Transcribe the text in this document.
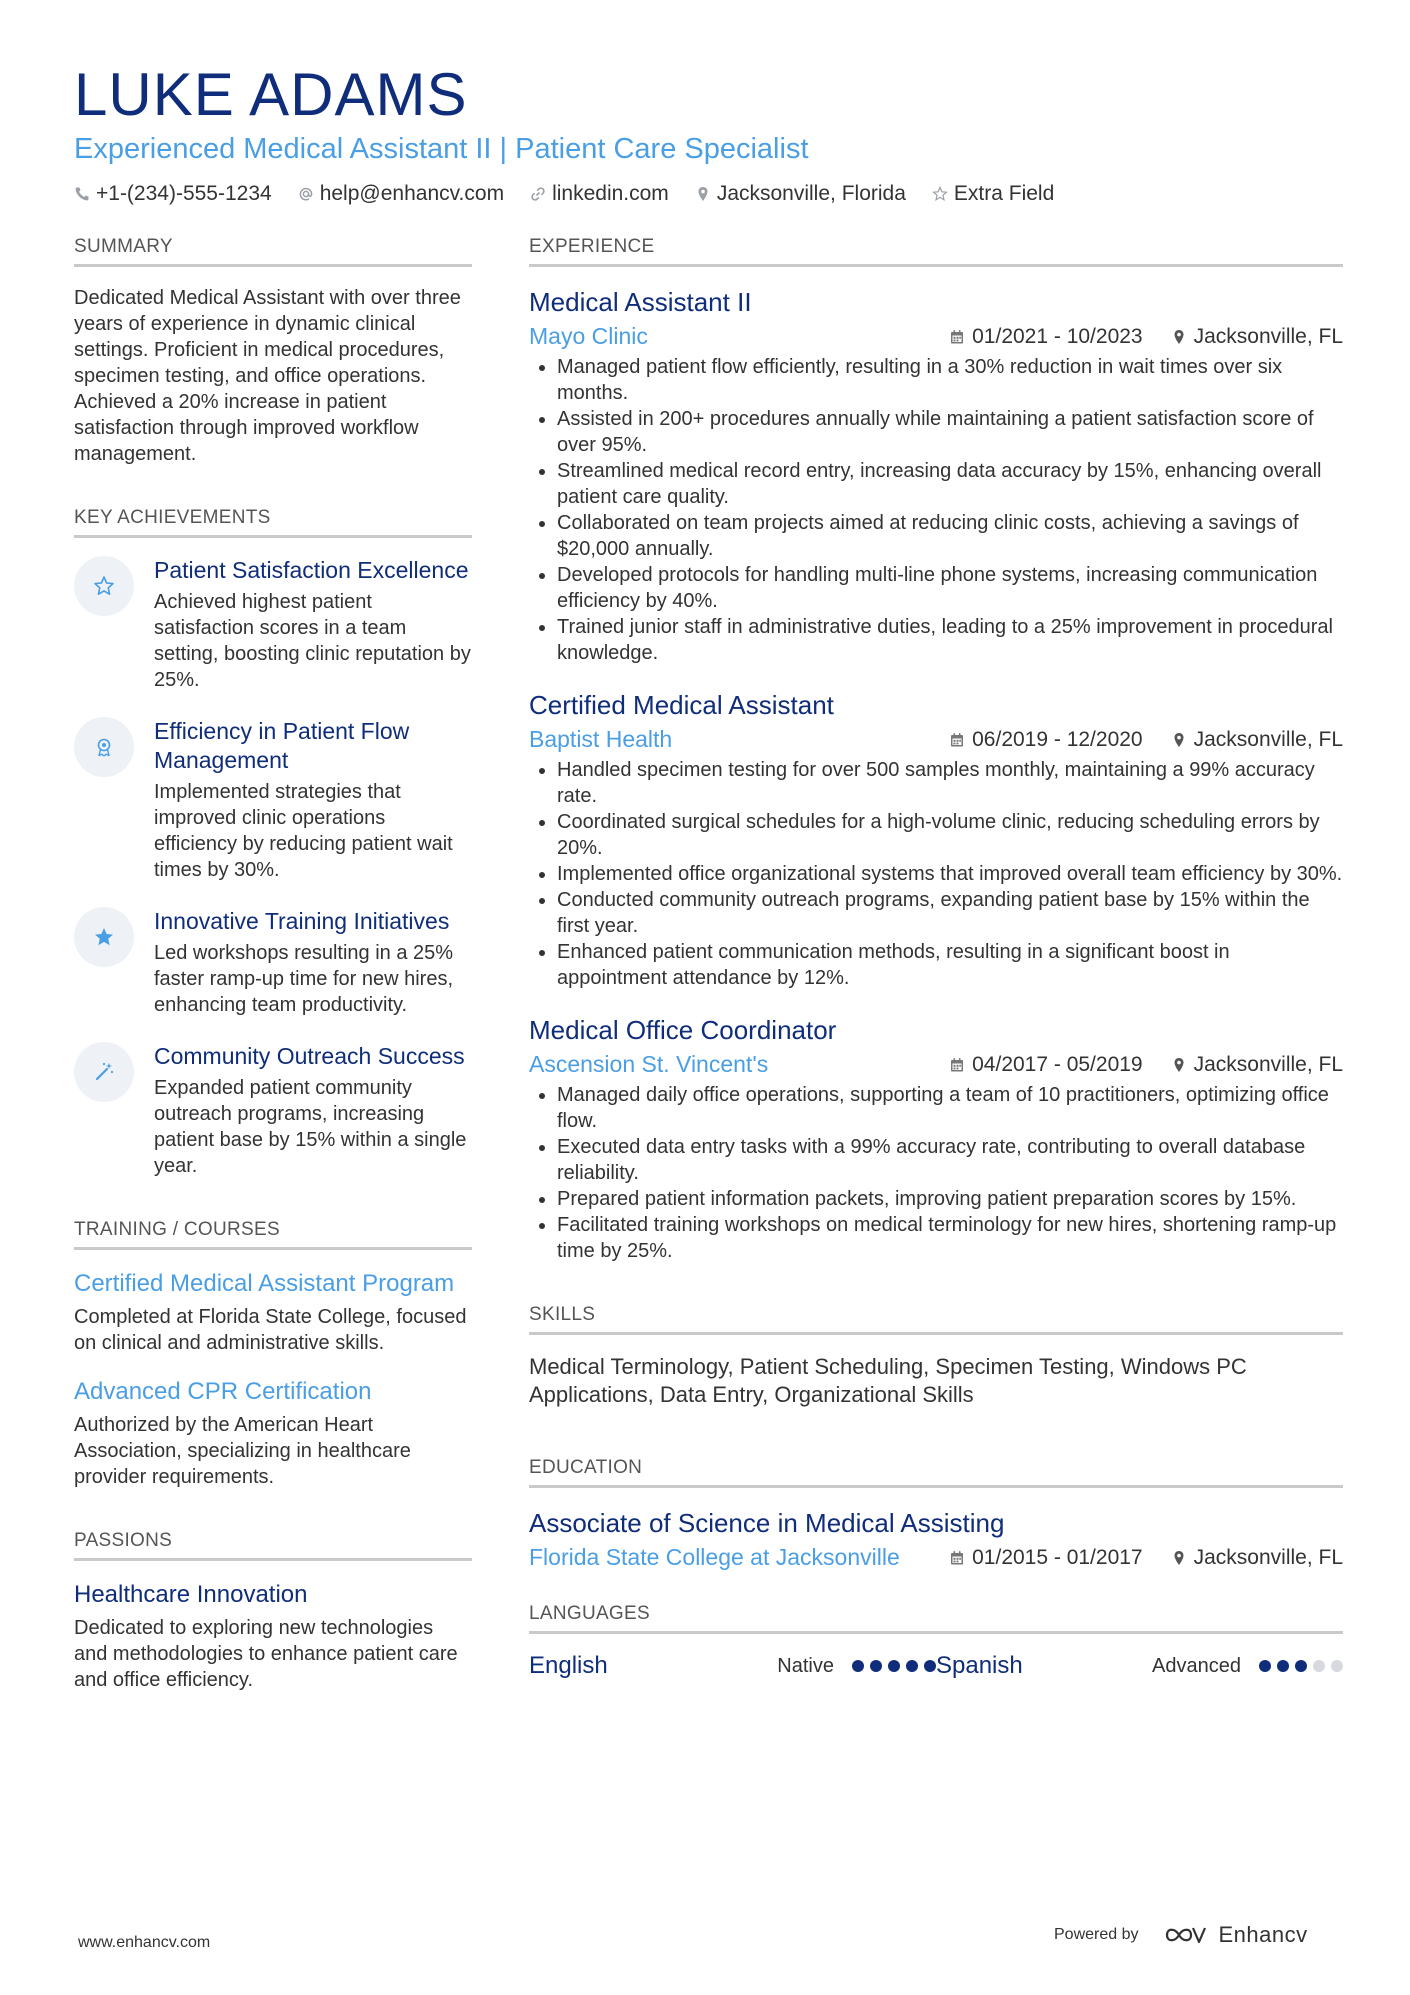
LUKE ADAMS
Experienced Medical Assistant II | Patient Care Specialist
+1-(234)-555-1234 help@enhancv.com linkedin.com Jacksonville, Florida Extra Field
SUMMARY
Dedicated Medical Assistant with over three years of experience in dynamic clinical settings. Proficient in medical procedures, specimen testing, and office operations. Achieved a 20% increase in patient satisfaction through improved workflow management.
KEY ACHIEVEMENTS
Patient Satisfaction Excellence
Achieved highest patient satisfaction scores in a team setting, boosting clinic reputation by 25%.
Efficiency in Patient Flow Management
Implemented strategies that improved clinic operations efficiency by reducing patient wait times by 30%.
Innovative Training Initiatives
Led workshops resulting in a 25% faster ramp-up time for new hires, enhancing team productivity.
Community Outreach Success
Expanded patient community outreach programs, increasing patient base by 15% within a single year.
TRAINING / COURSES
Certified Medical Assistant Program
Completed at Florida State College, focused on clinical and administrative skills.
Advanced CPR Certification
Authorized by the American Heart Association, specializing in healthcare provider requirements.
PASSIONS
Healthcare Innovation
Dedicated to exploring new technologies and methodologies to enhance patient care and office efficiency.
EXPERIENCE
Medical Assistant II
Mayo Clinic	01/2021 - 10/2023 Jacksonville, FL
Managed patient flow efficiently, resulting in a 30% reduction in wait times over six months.
Assisted in 200+ procedures annually while maintaining a patient satisfaction score of over 95%.
Streamlined medical record entry, increasing data accuracy by 15%, enhancing overall patient care quality.
Collaborated on team projects aimed at reducing clinic costs, achieving a savings of $20,000 annually.
Developed protocols for handling multi-line phone systems, increasing communication efficiency by 40%.
Trained junior staff in administrative duties, leading to a 25% improvement in procedural knowledge.
Certified Medical Assistant
Baptist Health	06/2019 - 12/2020 Jacksonville, FL
Handled specimen testing for over 500 samples monthly, maintaining a 99% accuracy rate.
Coordinated surgical schedules for a high-volume clinic, reducing scheduling errors by 20%.
Implemented office organizational systems that improved overall team efficiency by 30%.
Conducted community outreach programs, expanding patient base by 15% within the first year.
Enhanced patient communication methods, resulting in a significant boost in appointment attendance by 12%.
Medical Office Coordinator
Ascension St. Vincent's	04/2017 - 05/2019 Jacksonville, FL
Managed daily office operations, supporting a team of 10 practitioners, optimizing office flow.
Executed data entry tasks with a 99% accuracy rate, contributing to overall database reliability.
Prepared patient information packets, improving patient preparation scores by 15%.
Facilitated training workshops on medical terminology for new hires, shortening ramp-up time by 25%.
SKILLS
Medical Terminology, Patient Scheduling, Specimen Testing, Windows PC Applications, Data Entry, Organizational Skills
EDUCATION
Associate of Science in Medical Assisting
Florida State College at Jacksonville	01/2015 - 01/2017 Jacksonville, FL
LANGUAGES
English	Native	Spanish	Advanced
www.enhancv.com	Powered by	Enhancv
